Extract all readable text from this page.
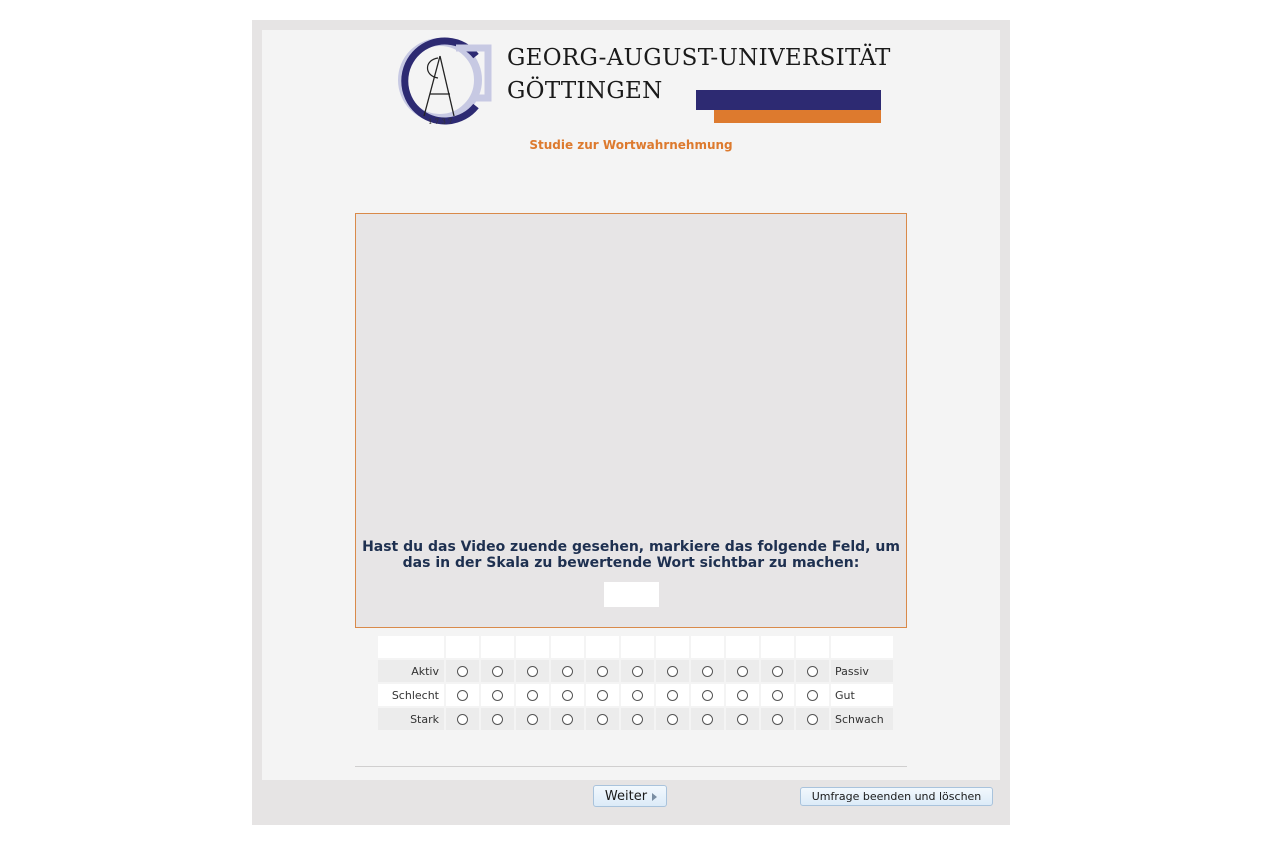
1 7 3 7
GEORG-AUGUST-UNIVERSITÄT
GÖTTINGEN
Studie zur Wortwahrnehmung
Hast du das Video zuende gesehen, markiere das folgende Feld, um das in der Skala zu bewertende Wort sichtbar zu machen:

Aktiv												Passiv
Schlecht												Gut
Stark												Schwach
Weiter	Umfrage beenden und löschen
